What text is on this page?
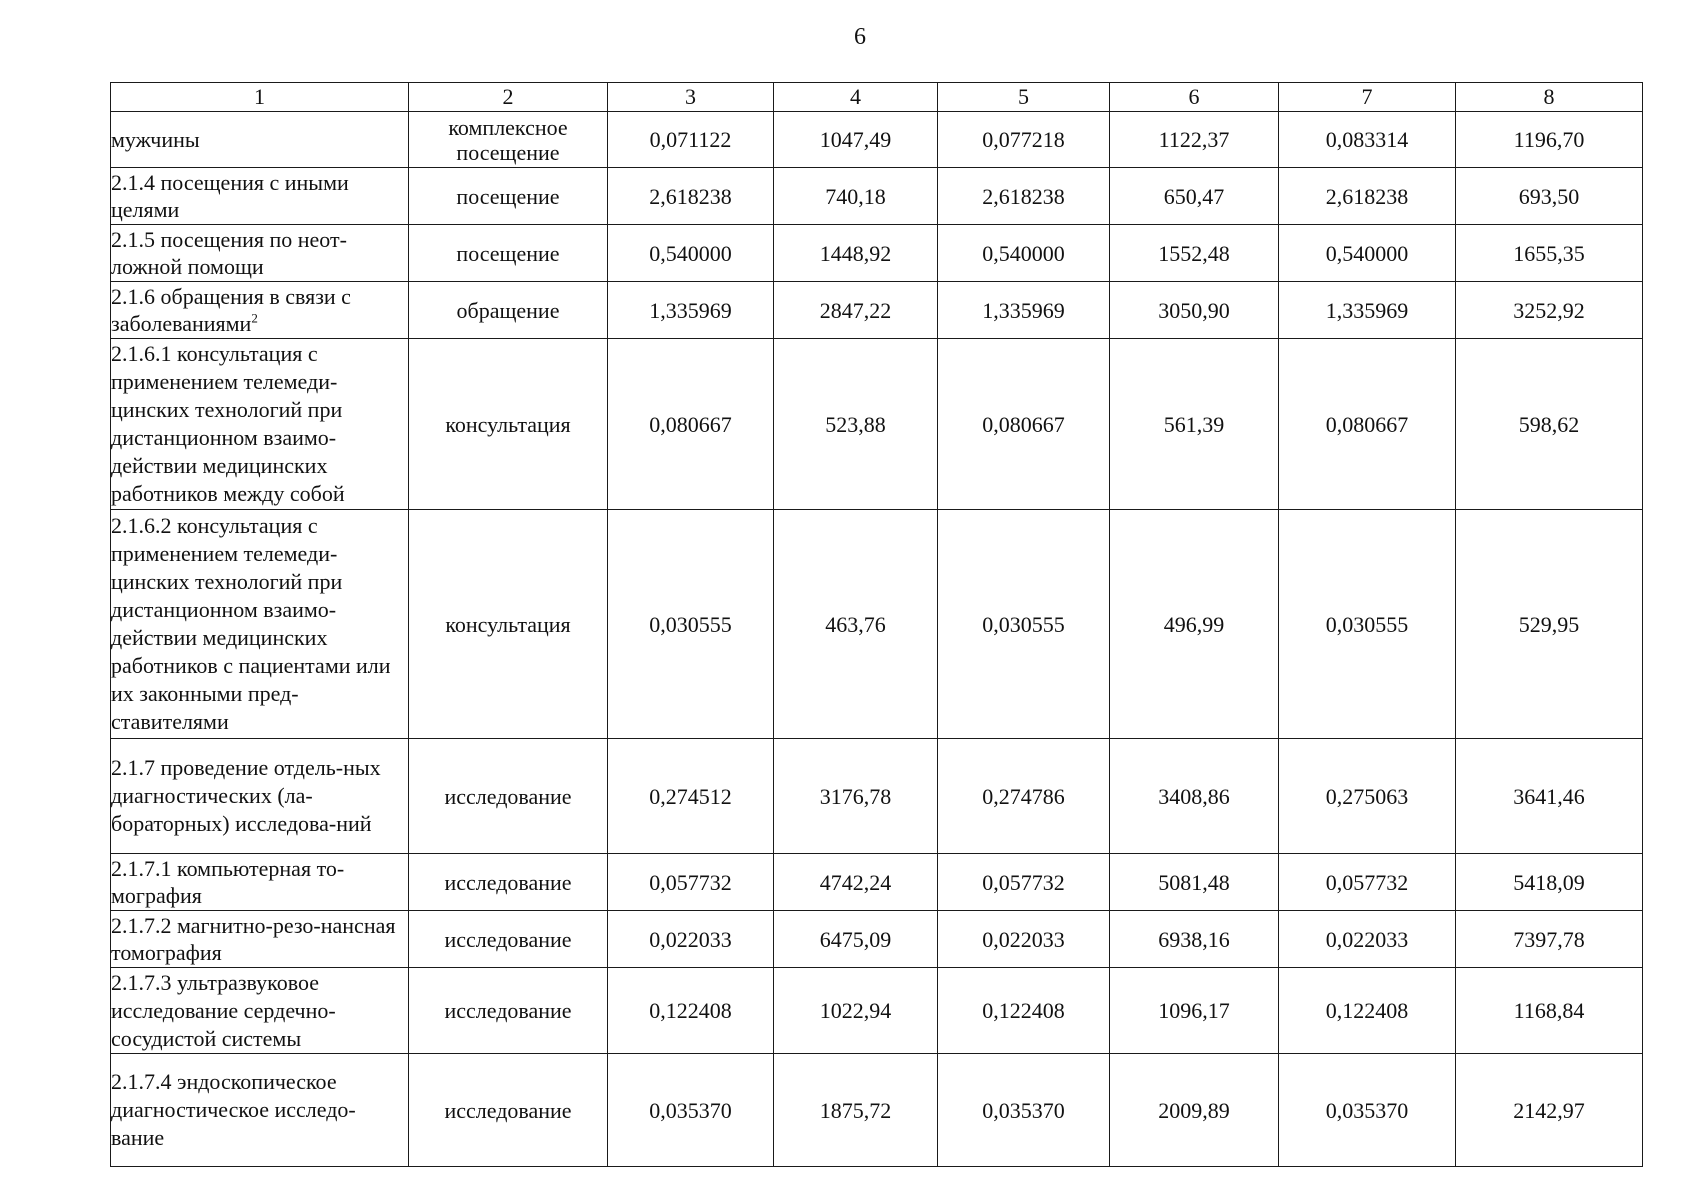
6
1	2	3	4	5	6	7	8
мужчины	комплексное посещение	0,071122	1047,49	0,077218	1122,37	0,083314	1196,70
2.1.4 посещения с иными целями	посещение	2,618238	740,18	2,618238	650,47	2,618238	693,50
2.1.5 посещения по неот-ложной помощи	посещение	0,540000	1448,92	0,540000	1552,48	0,540000	1655,35
2.1.6 обращения в связи с заболеваниями$^2$	обращение	1,335969	2847,22	1,335969	3050,90	1,335969	3252,92
2.1.6.1 консультация с применением телемеди-цинских технологий при дистанционном взаимо-действии медицинских работников между собой	консультация	0,080667	523,88	0,080667	561,39	0,080667	598,62
2.1.6.2 консультация с применением телемеди-цинских технологий при дистанционном взаимо-действии медицинских работников с пациентами или их законными пред-ставителями	консультация	0,030555	463,76	0,030555	496,99	0,030555	529,95
2.1.7 проведение отдель-ных диагностических (ла-бораторных) исследова-ний	исследование	0,274512	3176,78	0,274786	3408,86	0,275063	3641,46
2.1.7.1 компьютерная то-мография	исследование	0,057732	4742,24	0,057732	5081,48	0,057732	5418,09
2.1.7.2 магнитно-резо-нансная томография	исследование	0,022033	6475,09	0,022033	6938,16	0,022033	7397,78
2.1.7.3 ультразвуковое исследование сердечно-сосудистой системы	исследование	0,122408	1022,94	0,122408	1096,17	0,122408	1168,84
2.1.7.4 эндоскопическое диагностическое исследо-вание	исследование	0,035370	1875,72	0,035370	2009,89	0,035370	2142,97
